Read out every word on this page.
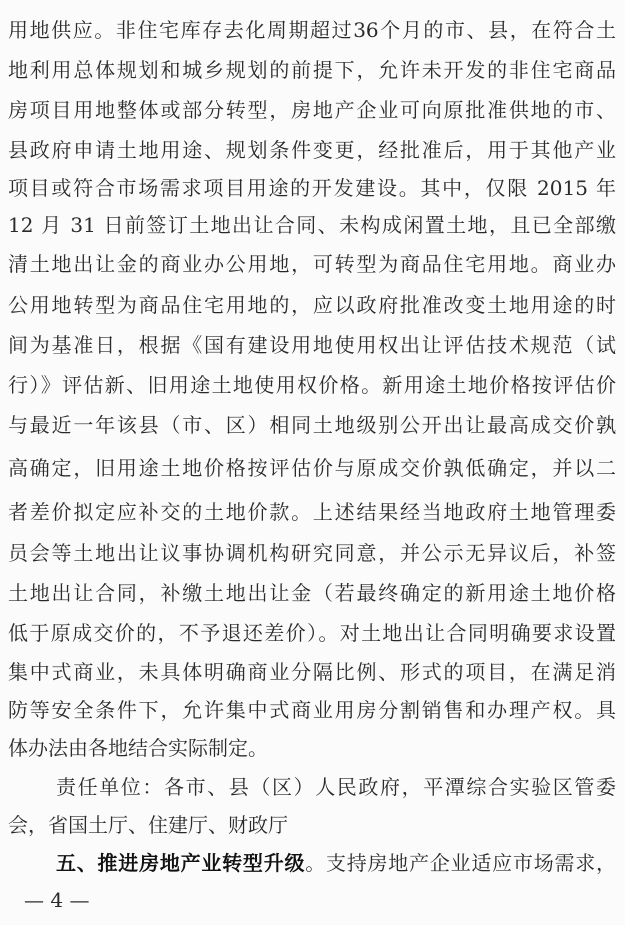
用地供应。非住宅库存去化周期超过36个月的市、县，在符合土
地利用总体规划和城乡规划的前提下，允许未开发的非住宅商品
房项目用地整体或部分转型，房地产企业可向原批准供地的市、
县政府申请土地用途、规划条件变更，经批准后，用于其他产业
项目或符合市场需求项目用途的开发建设。其中，仅限 2015 年
12 月 31 日前签订土地出让合同、未构成闲置土地，且已全部缴
清土地出让金的商业办公用地，可转型为商品住宅用地。商业办
公用地转型为商品住宅用地的，应以政府批准改变土地用途的时
间为基准日，根据《国有建设用地使用权出让评估技术规范（试
行）》评估新、旧用途土地使用权价格。新用途土地价格按评估价
与最近一年该县（市、区）相同土地级别公开出让最高成交价孰
高确定，旧用途土地价格按评估价与原成交价孰低确定，并以二
者差价拟定应补交的土地价款。上述结果经当地政府土地管理委
员会等土地出让议事协调机构研究同意，并公示无异议后，补签
土地出让合同，补缴土地出让金（若最终确定的新用途土地价格
低于原成交价的，不予退还差价）。对土地出让合同明确要求设置
集中式商业，未具体明确商业分隔比例、形式的项目，在满足消
防等安全条件下，允许集中式商业用房分割销售和办理产权。具
体办法由各地结合实际制定。
责任单位：各市、县（区）人民政府，平潭综合实验区管委
会，省国土厅、住建厅、财政厅
五、推进房地产业转型升级。支持房地产企业适应市场需求，
— 4 —
